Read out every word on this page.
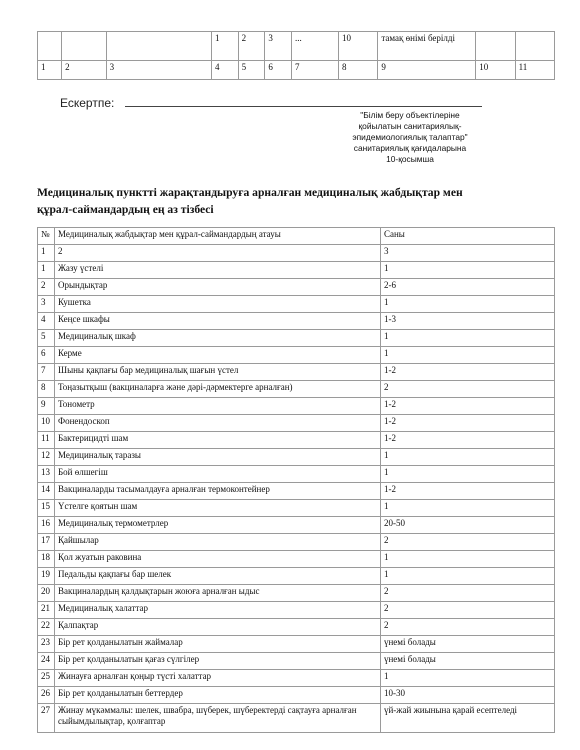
			1	2	3	...	10	тамақ өнімі берілді		
1	2	3	4	5	6	7	8	9	10	11
Ескертпе:
"Білім беру объектілеріне
қойылатын санитариялық-
эпидемиологиялық талаптар"
санитариялық қағидаларына
10-қосымша
Медициналық пунктті жарақтандыруға арналған медициналық жабдықтар мен
құрал-саймандардың ең аз тізбесі
№	Медициналық жабдықтар мен құрал-саймандардың атауы	Саны
1	2	3
1	Жазу үстелі	1
2	Орындықтар	2-6
3	Кушетка	1
4	Кеңсе шкафы	1-3
5	Медициналық шкаф	1
6	Керме	1
7	Шыны қақпағы бар медициналық шағын үстел	1-2
8	Тоңазытқыш (вакциналарға және дәрі-дәрмектерге арналған)	2
9	Тонометр	1-2
10	Фонендоскоп	1-2
11	Бактерицидті шам	1-2
12	Медициналық таразы	1
13	Бой өлшегіш	1
14	Вакциналарды тасымалдауға арналған термоконтейнер	1-2
15	Үстелге қоятын шам	1
16	Медициналық термометрлер	20-50
17	Қайшылар	2
18	Қол жуатын раковина	1
19	Педальды қақпағы бар шелек	1
20	Вакциналардың қалдықтарын жоюға арналған ыдыс	2
21	Медициналық халаттар	2
22	Қалпақтар	2
23	Бір рет қолданылатын жаймалар	үнемі болады
24	Бір рет қолданылатын қағаз сүлгілер	үнемі болады
25	Жинауға арналған қоңыр түсті халаттар	1
26	Бір рет қолданылатын беттердер	10-30
27	Жинау мүкәммалы: шелек, швабра, шүберек, шүберектерді сақтауға арналған сыйымдылықтар, қолғаптар	үй-жай жиынына қарай есептеледі
